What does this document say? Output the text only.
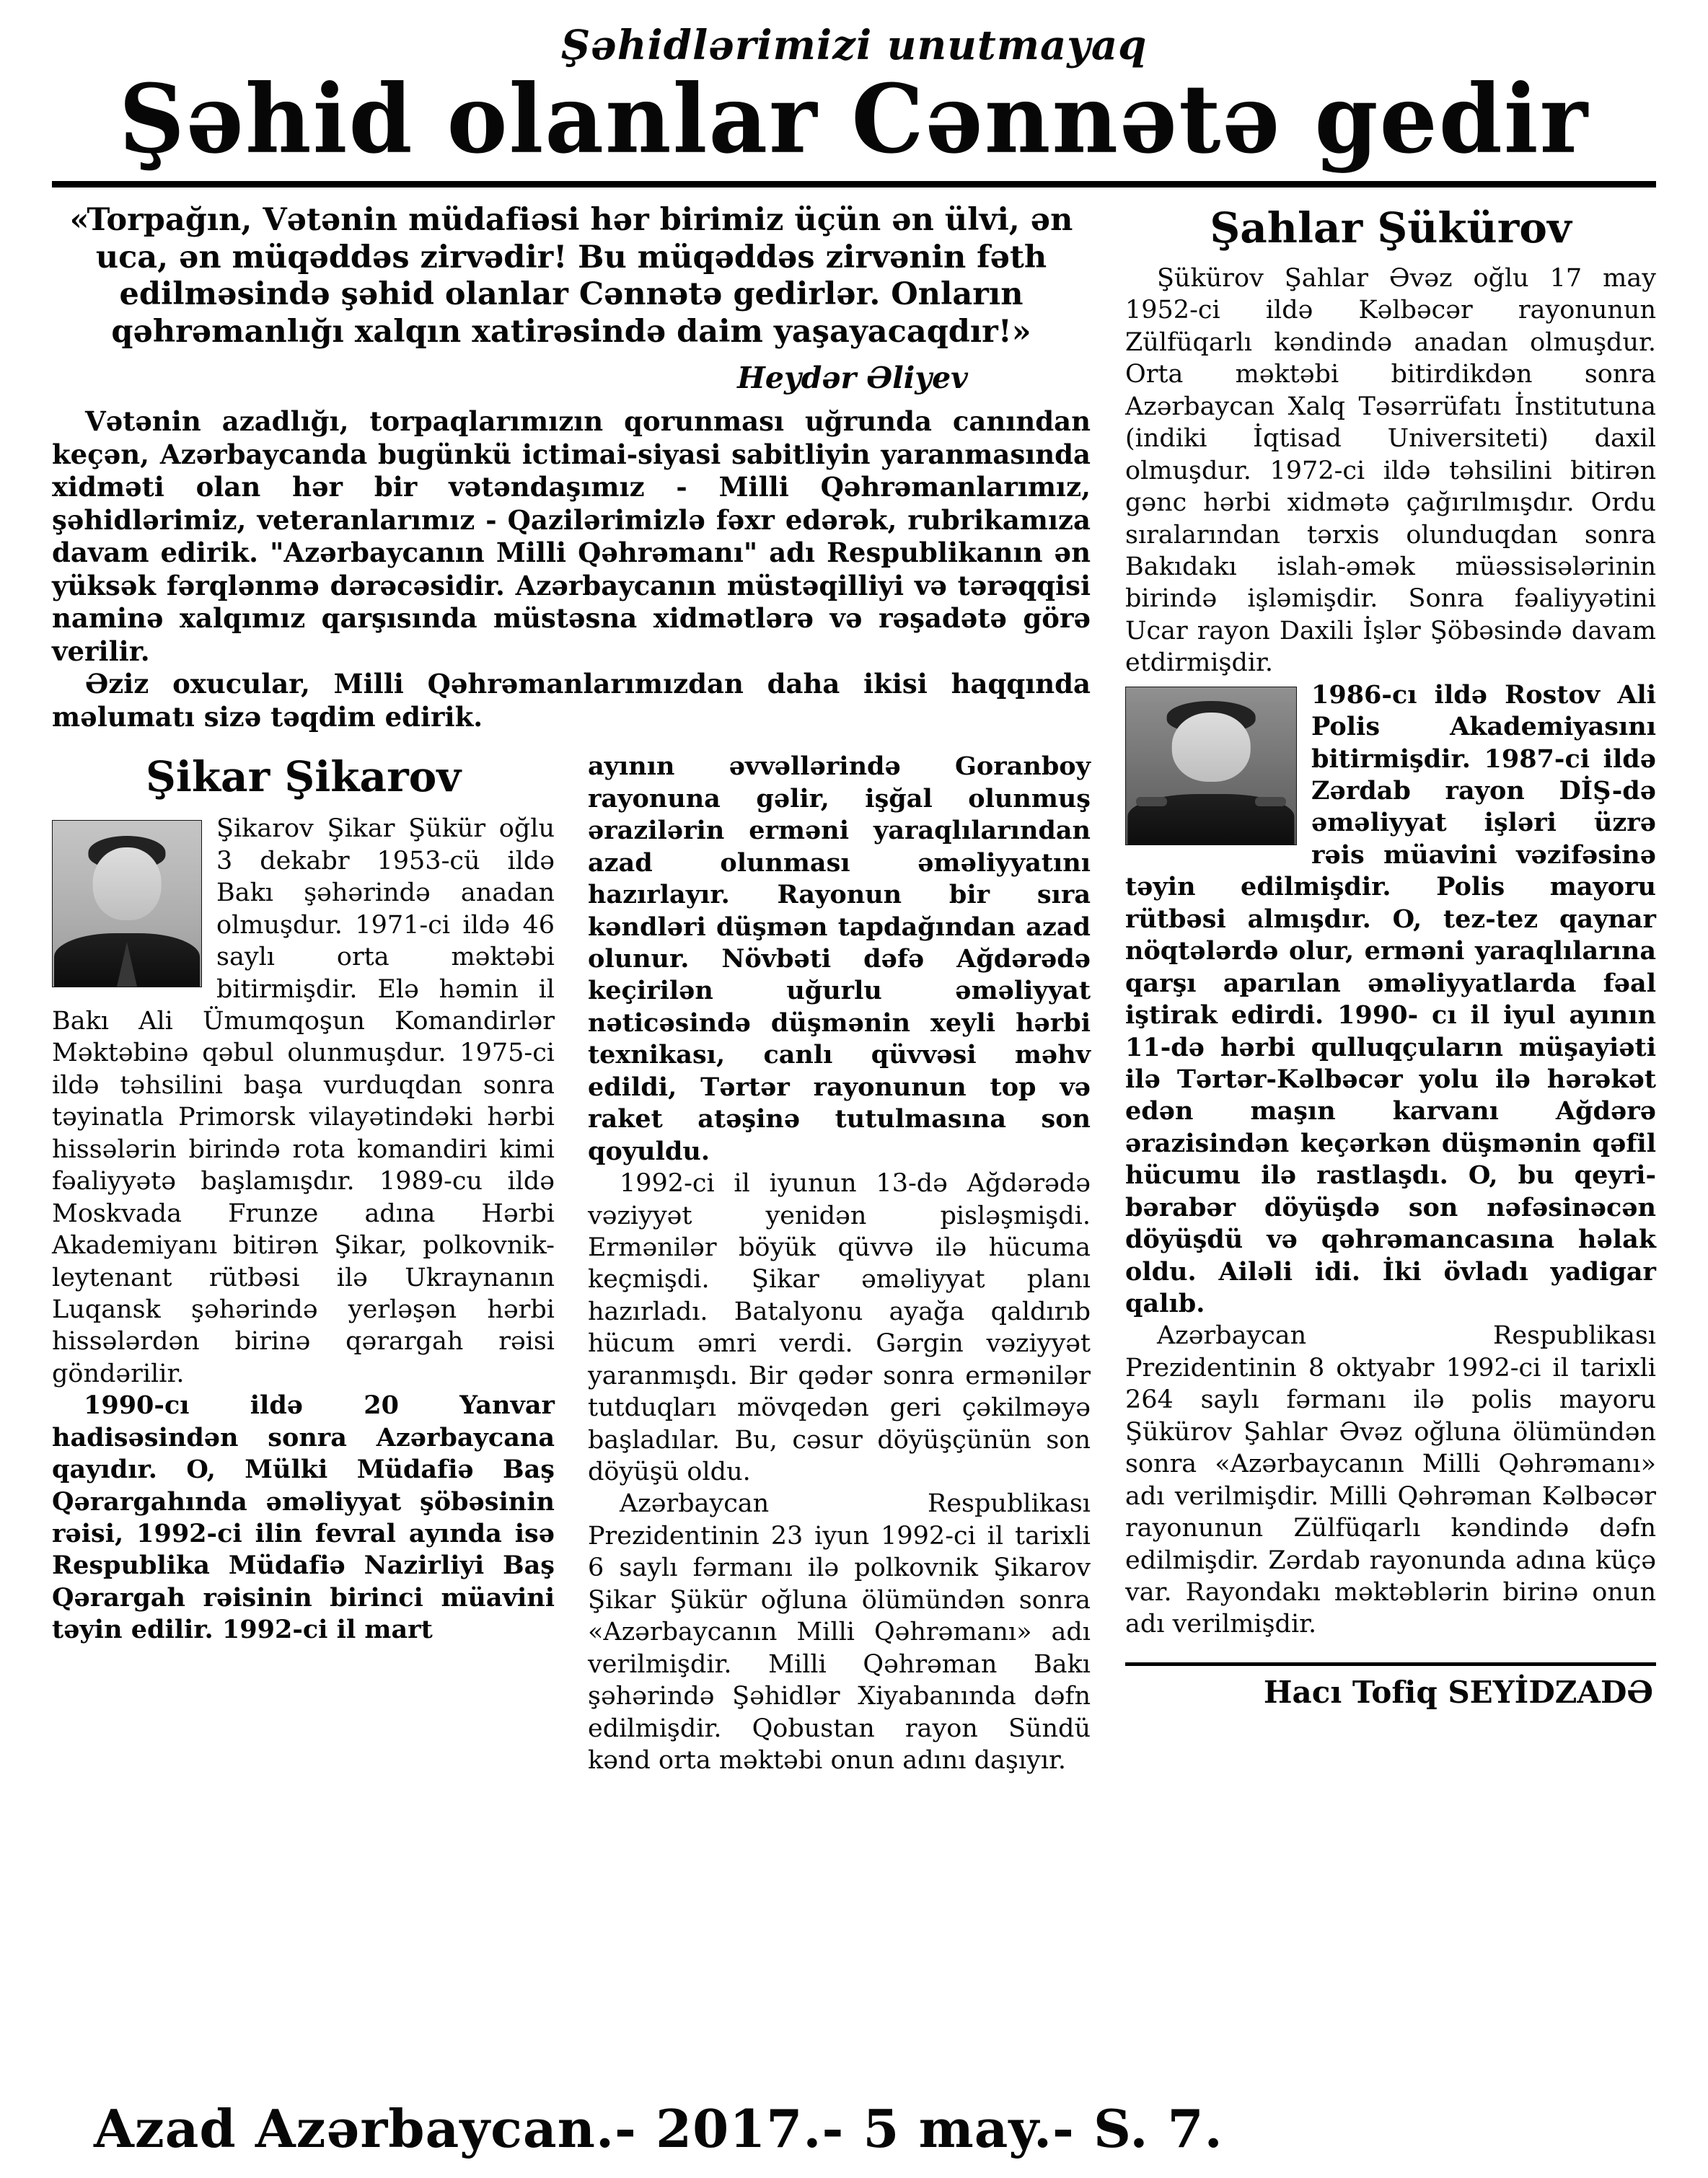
Şəhidlərimizi unutmayaq
Şəhid olanlar Cənnətə gedir
«Torpağın, Vətənin müdafiəsi hər birimiz üçün ən ülvi, ən uca, ən müqəddəs zirvədir! Bu müqəddəs zirvənin fəth edilməsində şəhid olanlar Cənnətə gedirlər. Onların qəhrəmanlığı xalqın xatirəsində daim yaşayacaqdır!»
Heydər Əliyev

Vətənin azadlığı, torpaqlarımızın qorunması uğrunda canından keçən, Azərbaycanda bugünkü ictimai-siyasi sabitliyin yaranmasında xidməti olan hər bir vətəndaşımız - Milli Qəhrəmanlarımız, şəhidlərimiz, veteranlarımız - Qazilərimizlə fəxr edərək, rubrikamıza davam edirik. "Azərbaycanın Milli Qəhrəmanı" adı Respublikanın ən yüksək fərqlənmə dərəcəsidir. Azərbaycanın müstəqilliyi və tərəqqisi naminə xalqımız qarşısında müstəsna xidmətlərə və rəşadətə görə verilir.

Əziz oxucular, Milli Qəhrəmanlarımızdan daha ikisi haqqında məlumatı sizə təqdim edirik.

Şikar Şikarov

Şikarov Şikar Şükür oğlu 3 dekabr 1953-cü ildə Bakı şəhərində anadan olmuşdur. 1971-ci ildə 46 saylı orta məktəbi bitirmişdir. Elə həmin il Bakı Ali Ümumqoşun Komandirlər Məktəbinə qəbul olunmuşdur. 1975-ci ildə təhsilini başa vurduqdan sonra təyinatla Primorsk vilayətindəki hərbi hissələrin birində rota komandiri kimi fəaliyyətə başlamışdır. 1989-cu ildə Moskvada Frunze adına Hərbi Akademiyanı bitirən Şikar, polkovnik-leytenant rütbəsi ilə Ukraynanın Luqansk şəhərində yerləşən hərbi hissələrdən birinə qərargah rəisi göndərilir.

1990-cı ildə 20 Yanvar hadisəsindən sonra Azərbaycana qayıdır. O, Mülki Müdafiə Baş Qərargahında əməliyyat şöbəsinin rəisi, 1992-ci ilin fevral ayında isə Respublika Müdafiə Nazirliyi Baş Qərargah rəisinin birinci müavini təyin edilir. 1992-ci il mart

ayının əvvəllərində Goranboy rayonuna gəlir, işğal olunmuş ərazilərin erməni yaraqlılarından azad olunması əməliyyatını hazırlayır. Rayonun bir sıra kəndləri düşmən tapdağından azad olunur. Növbəti dəfə Ağdərədə keçirilən uğurlu əməliyyat nəticəsində düşmənin xeyli hərbi texnikası, canlı qüvvəsi məhv edildi, Tərtər rayonunun top və raket atəşinə tutulmasına son qoyuldu.

1992-ci il iyunun 13-də Ağdərədə vəziyyət yenidən pisləşmişdi. Ermənilər böyük qüvvə ilə hücuma keçmişdi. Şikar əməliyyat planı hazırladı. Batalyonu ayağa qaldırıb hücum əmri verdi. Gərgin vəziyyət yaranmışdı. Bir qədər sonra ermənilər tutduqları mövqedən geri çəkilməyə başladılar. Bu, cəsur döyüşçünün son döyüşü oldu.

Azərbaycan Respublikası Prezidentinin 23 iyun 1992-ci il tarixli 6 saylı fərmanı ilə polkovnik Şikarov Şikar Şükür oğluna ölümündən sonra «Azərbaycanın Milli Qəhrəmanı» adı verilmişdir. Milli Qəhrəman Bakı şəhərində Şəhidlər Xiyabanında dəfn edilmişdir. Qobustan rayon Sündü kənd orta məktəbi onun adını daşıyır.

Şahlar Şükürov

Şükürov Şahlar Əvəz oğlu 17 may 1952-ci ildə Kəlbəcər rayonunun Zülfüqarlı kəndində anadan olmuşdur. Orta məktəbi bitirdikdən sonra Azərbaycan Xalq Təsərrüfatı İnstitutuna (indiki İqtisad Universiteti) daxil olmuşdur. 1972-ci ildə təhsilini bitirən gənc hərbi xidmətə çağırılmışdır. Ordu sıralarından tərxis olunduqdan sonra Bakıdakı islah-əmək müəssisələrinin birində işləmişdir. Sonra fəaliyyətini Ucar rayon Daxili İşlər Şöbəsində davam etdirmişdir.

1986-cı ildə Rostov Ali Polis Akademiyasını bitirmişdir. 1987-ci ildə Zərdab rayon DİŞ-də əməliyyat işləri üzrə rəis müavini vəzifəsinə təyin edilmişdir. Polis mayoru rütbəsi almışdır. O, tez-tez qaynar nöqtələrdə olur, erməni yaraqlılarına qarşı aparılan əməliyyatlarda fəal iştirak edirdi. 1990- cı il iyul ayının 11-də hərbi qulluqçuların müşayiəti ilə Tərtər-Kəlbəcər yolu ilə hərəkət edən maşın karvanı Ağdərə ərazisindən keçərkən düşmənin qəfil hücumu ilə rastlaşdı. O, bu qeyri-bərabər döyüşdə son nəfəsinəcən döyüşdü və qəhrəmancasına həlak oldu. Ailəli idi. İki övladı yadigar qalıb.

Azərbaycan Respublikası Prezidentinin 8 oktyabr 1992-ci il tarixli 264 saylı fərmanı ilə polis mayoru Şükürov Şahlar Əvəz oğluna ölümündən sonra «Azərbaycanın Milli Qəhrəmanı» adı verilmişdir. Milli Qəhrəman Kəlbəcər rayonunun Zülfüqarlı kəndində dəfn edilmişdir. Zərdab rayonunda adına küçə var. Rayondakı məktəblərin birinə onun adı verilmişdir.

Hacı Tofiq SEYİDZADƏ
Azad Azərbaycan.- 2017.- 5 may.- S. 7.
